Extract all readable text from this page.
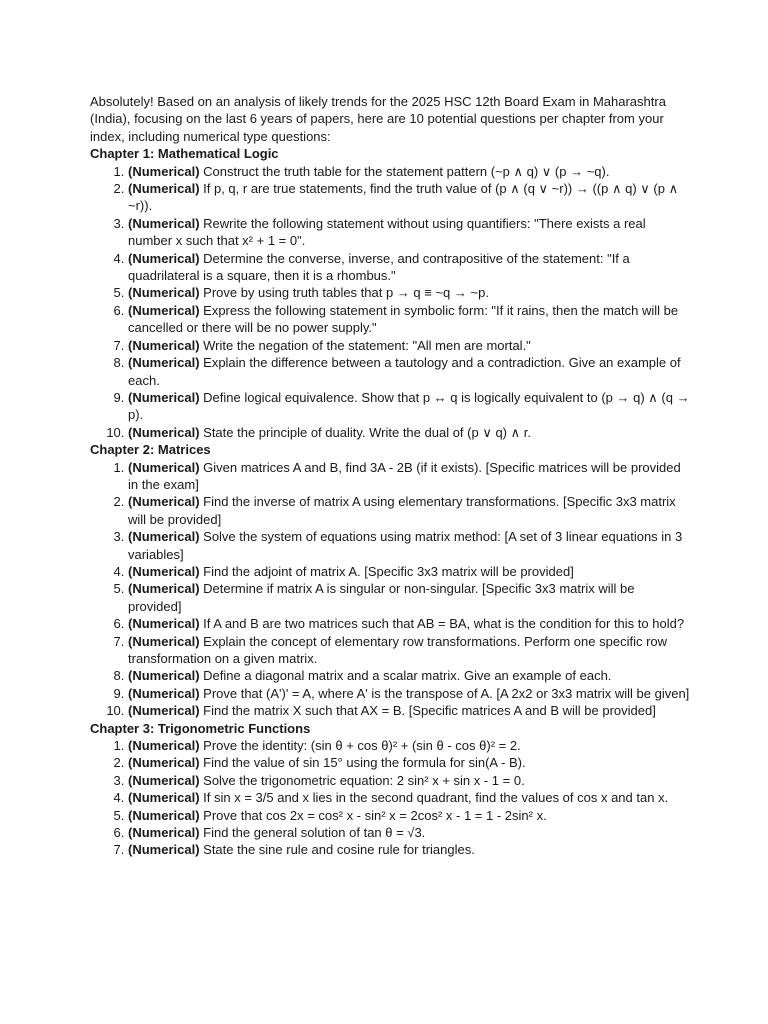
Absolutely! Based on an analysis of likely trends for the 2025 HSC 12th Board Exam in Maharashtra (India), focusing on the last 6 years of papers, here are 10 potential questions per chapter from your index, including numerical type questions:

Chapter 1: Mathematical Logic

1. (Numerical) Construct the truth table for the statement pattern (~p ∧ q) ∨ (p → ~q).
2. (Numerical) If p, q, r are true statements, find the truth value of (p ∧ (q ∨ ~r)) → ((p ∧ q) ∨ (p ∧ ~r)).
3. (Numerical) Rewrite the following statement without using quantifiers: "There exists a real number x such that x² + 1 = 0".
4. (Numerical) Determine the converse, inverse, and contrapositive of the statement: "If a quadrilateral is a square, then it is a rhombus."
5. (Numerical) Prove by using truth tables that p → q ≡ ~q → ~p.
6. (Numerical) Express the following statement in symbolic form: "If it rains, then the match will be cancelled or there will be no power supply."
7. (Numerical) Write the negation of the statement: "All men are mortal."
8. (Numerical) Explain the difference between a tautology and a contradiction. Give an example of each.
9. (Numerical) Define logical equivalence. Show that p ↔ q is logically equivalent to (p → q) ∧ (q → p).
10. (Numerical) State the principle of duality. Write the dual of (p ∨ q) ∧ r.

Chapter 2: Matrices

1. (Numerical) Given matrices A and B, find 3A - 2B (if it exists). [Specific matrices will be provided in the exam]
2. (Numerical) Find the inverse of matrix A using elementary transformations. [Specific 3x3 matrix will be provided]
3. (Numerical) Solve the system of equations using matrix method: [A set of 3 linear equations in 3 variables]
4. (Numerical) Find the adjoint of matrix A. [Specific 3x3 matrix will be provided]
5. (Numerical) Determine if matrix A is singular or non-singular. [Specific 3x3 matrix will be provided]
6. (Numerical) If A and B are two matrices such that AB = BA, what is the condition for this to hold?
7. (Numerical) Explain the concept of elementary row transformations. Perform one specific row transformation on a given matrix.
8. (Numerical) Define a diagonal matrix and a scalar matrix. Give an example of each.
9. (Numerical) Prove that (A')' = A, where A' is the transpose of A. [A 2x2 or 3x3 matrix will be given]
10. (Numerical) Find the matrix X such that AX = B. [Specific matrices A and B will be provided]

Chapter 3: Trigonometric Functions

1. (Numerical) Prove the identity: (sin θ + cos θ)² + (sin θ - cos θ)² = 2.
2. (Numerical) Find the value of sin 15° using the formula for sin(A - B).
3. (Numerical) Solve the trigonometric equation: 2 sin² x + sin x - 1 = 0.
4. (Numerical) If sin x = 3/5 and x lies in the second quadrant, find the values of cos x and tan x.
5. (Numerical) Prove that cos 2x = cos² x - sin² x = 2cos² x - 1 = 1 - 2sin² x.
6. (Numerical) Find the general solution of tan θ = √3.
7. (Numerical) State the sine rule and cosine rule for triangles.
